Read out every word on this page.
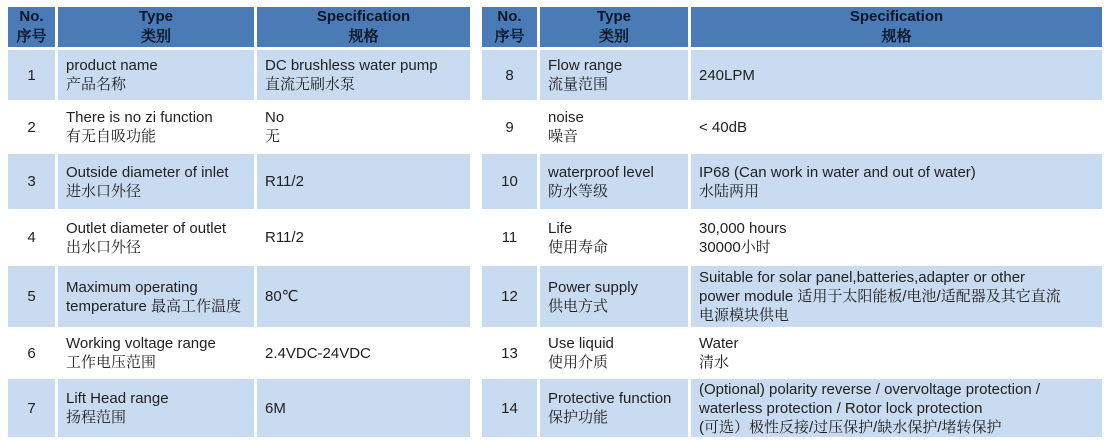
No.
序号
Type
类别
Specification
规格
1
product name
产品名称
DC brushless water pump
直流无刷水泵
2
There is no zi function
有无自吸功能
No
无
3
Outside diameter of inlet
进水口外径
R11/2
4
Outlet diameter of outlet
出水口外径
R11/2
5
Maximum operating
temperature 最高工作温度
80℃
6
Working voltage range
工作电压范围
2.4VDC-24VDC
7
Lift Head range
扬程范围
6M
No.
序号
Type
类别
Specification
规格
8
Flow range
流量范围
240LPM
9
noise
噪音
< 40dB
10
waterproof level
防水等级
IP68 (Can work in water and out of water)
水陆两用
11
Life
使用寿命
30,000 hours
30000小时
12
Power supply
供电方式
Suitable for solar panel,batteries,adapter or other
power module 适用于太阳能板/电池/适配器及其它直流
电源模块供电
13
Use liquid
使用介质
Water
清水
14
Protective function
保护功能
(Optional) polarity reverse / overvoltage protection /
waterless protection / Rotor lock protection
(可选）极性反接/过压保护/缺水保护/堵转保护
